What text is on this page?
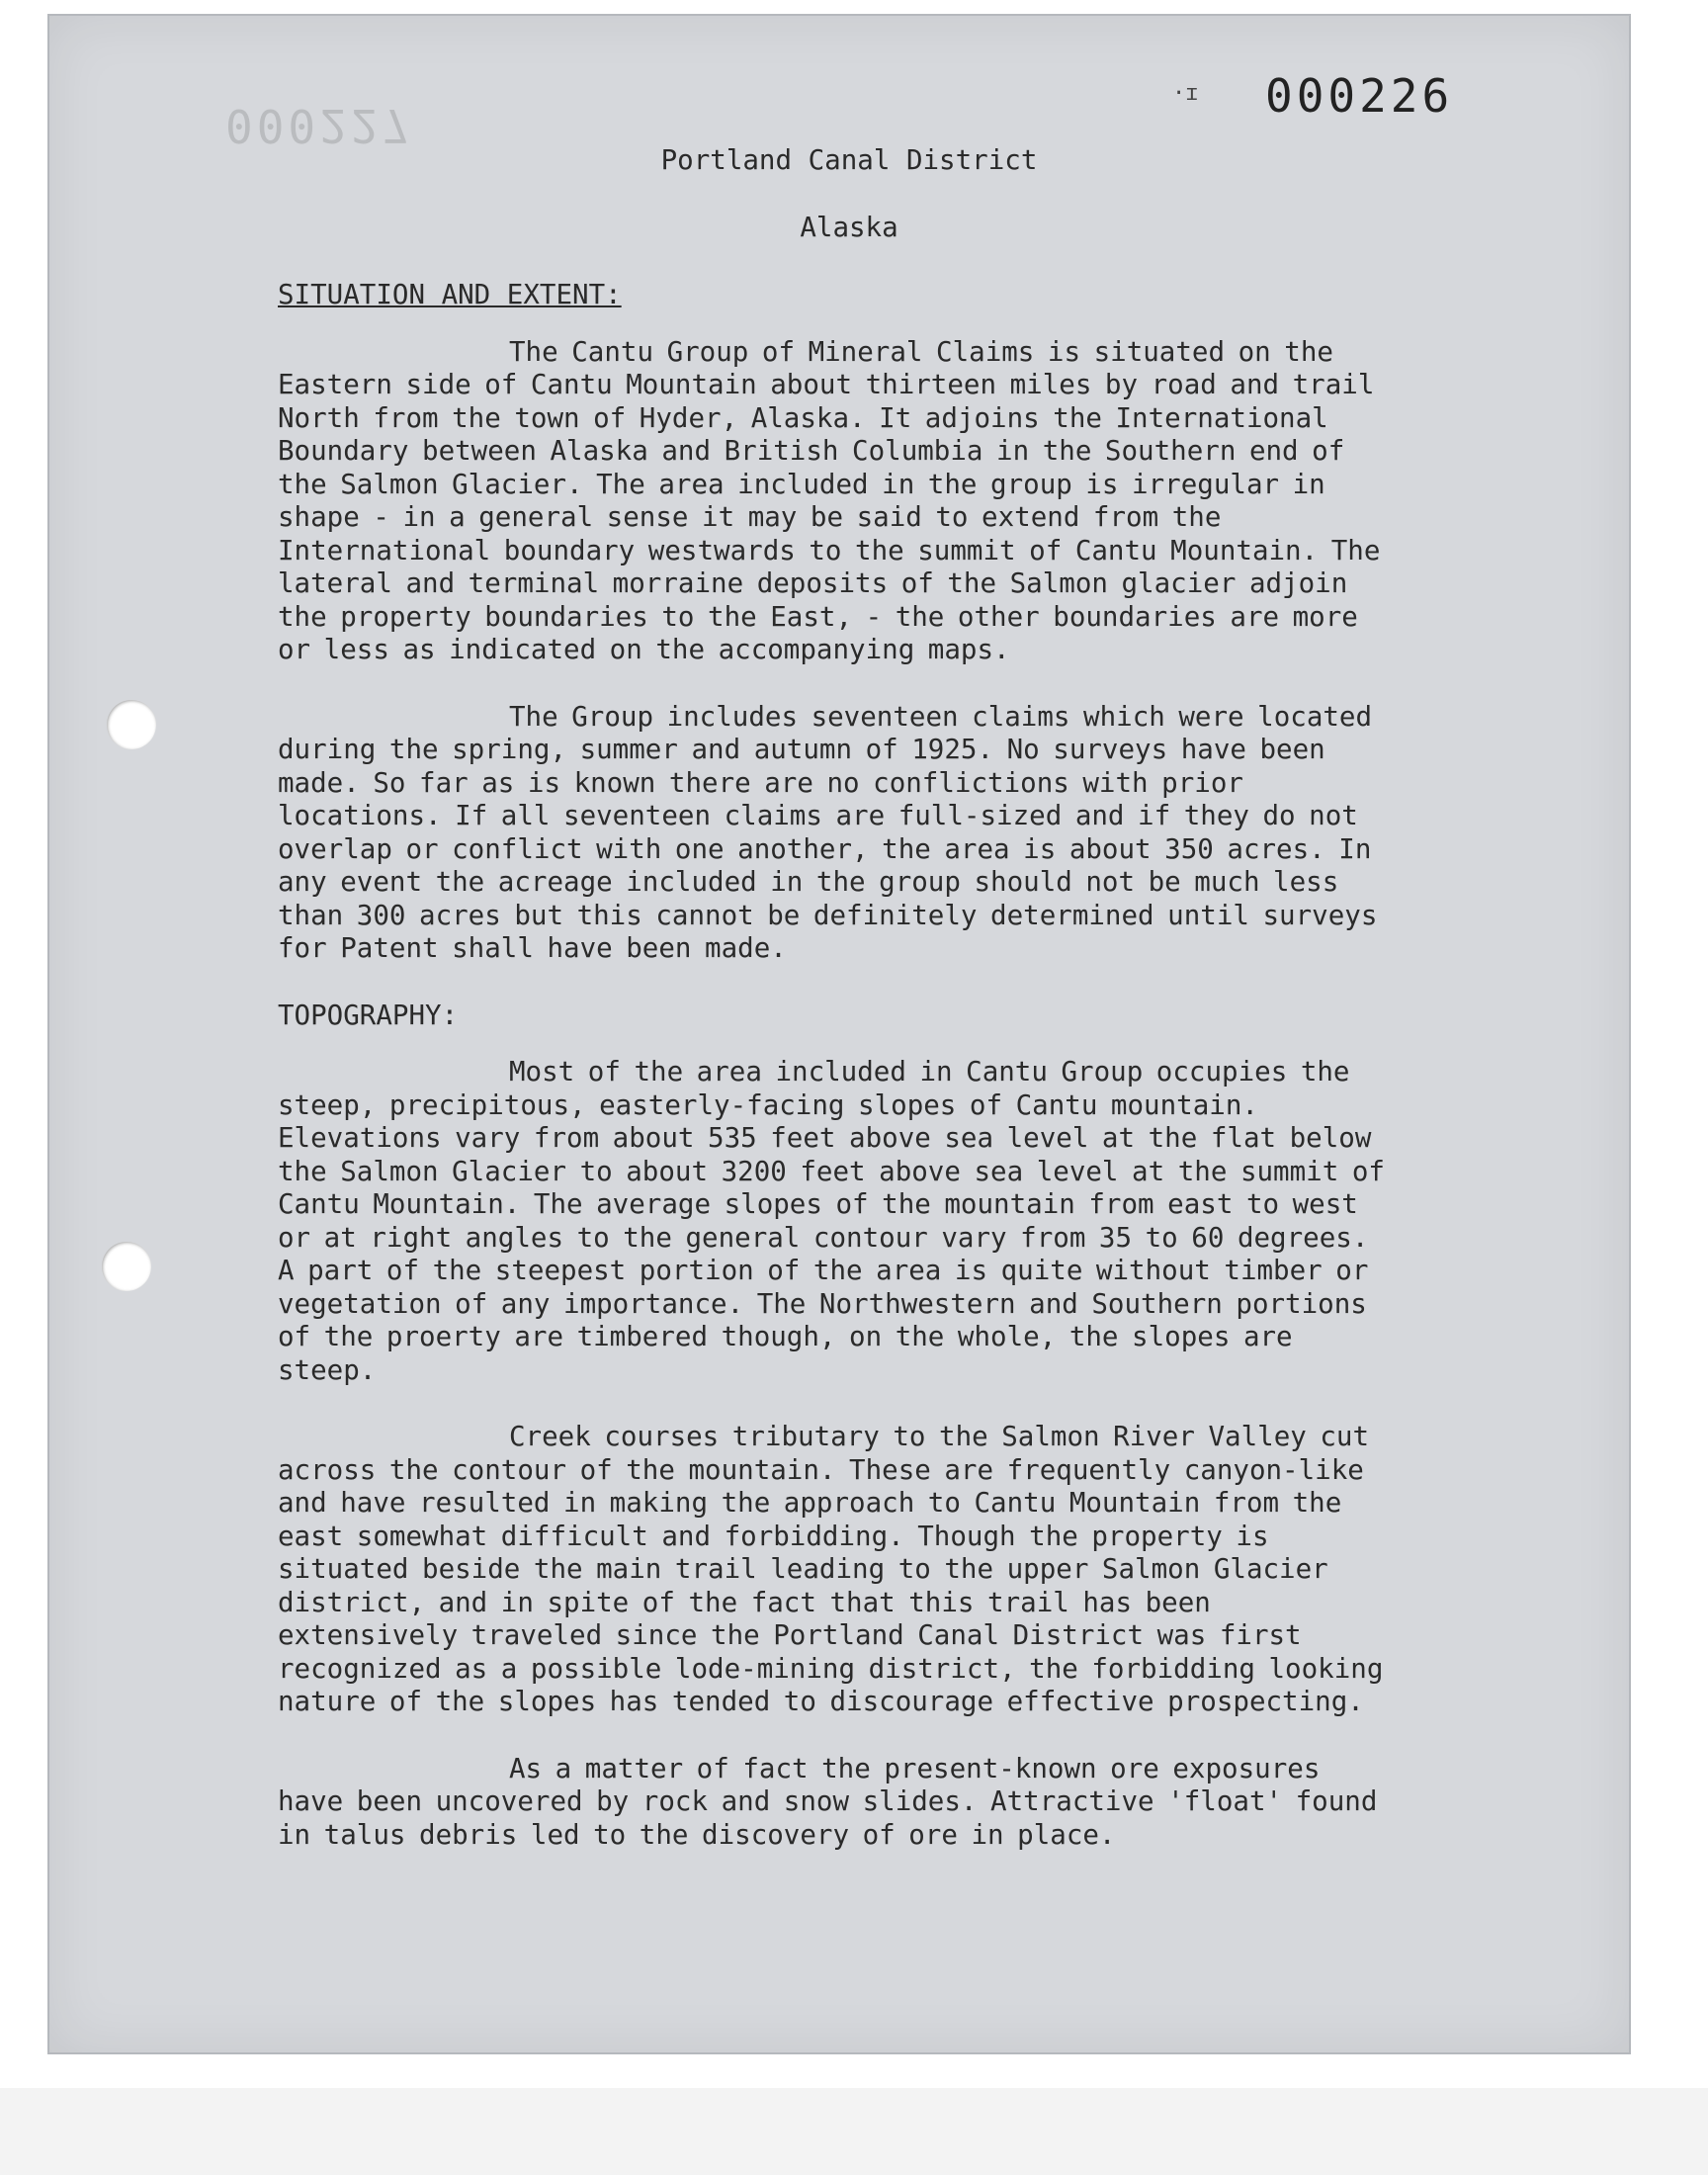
000227
·ɪ 000226
Portland Canal District
Alaska

SITUATION AND EXTENT:

The Cantu Group of Mineral Claims is situated on the Eastern side of Cantu Mountain about thirteen miles by road and trail North from the town of Hyder, Alaska. It adjoins the International Boundary between Alaska and British Columbia in the Southern end of the Salmon Glacier. The area included in the group is irregular in shape - in a general sense it may be said to extend from the International boundary westwards to the summit of Cantu Mountain. The lateral and terminal morraine deposits of the Salmon glacier adjoin the property boundaries to the East, - the other boundaries are more or less as indicated on the accompanying maps.

The Group includes seventeen claims which were located during the spring, summer and autumn of 1925. No surveys have been made. So far as is known there are no conflictions with prior locations. If all seventeen claims are full-sized and if they do not overlap or conflict with one another, the area is about 350 acres. In any event the acreage included in the group should not be much less than 300 acres but this cannot be definitely determined until surveys for Patent shall have been made.

TOPOGRAPHY:

Most of the area included in Cantu Group occupies the steep, precipitous, easterly-facing slopes of Cantu mountain. Elevations vary from about 535 feet above sea level at the flat below the Salmon Glacier to about 3200 feet above sea level at the summit of Cantu Mountain. The average slopes of the mountain from east to west or at right angles to the general contour vary from 35 to 60 degrees. A part of the steepest portion of the area is quite without timber or vegetation of any importance. The Northwestern and Southern portions of the proerty are timbered though, on the whole, the slopes are steep.

Creek courses tributary to the Salmon River Valley cut across the contour of the mountain. These are frequently canyon-like and have resulted in making the approach to Cantu Mountain from the east somewhat difficult and forbidding. Though the property is situated beside the main trail leading to the upper Salmon Glacier district, and in spite of the fact that this trail has been extensively traveled since the Portland Canal District was first recognized as a possible lode-mining district, the forbidding looking nature of the slopes has tended to discourage effective prospecting.

As a matter of fact the present-known ore exposures have been uncovered by rock and snow slides. Attractive 'float' found in talus debris led to the discovery of ore in place.
